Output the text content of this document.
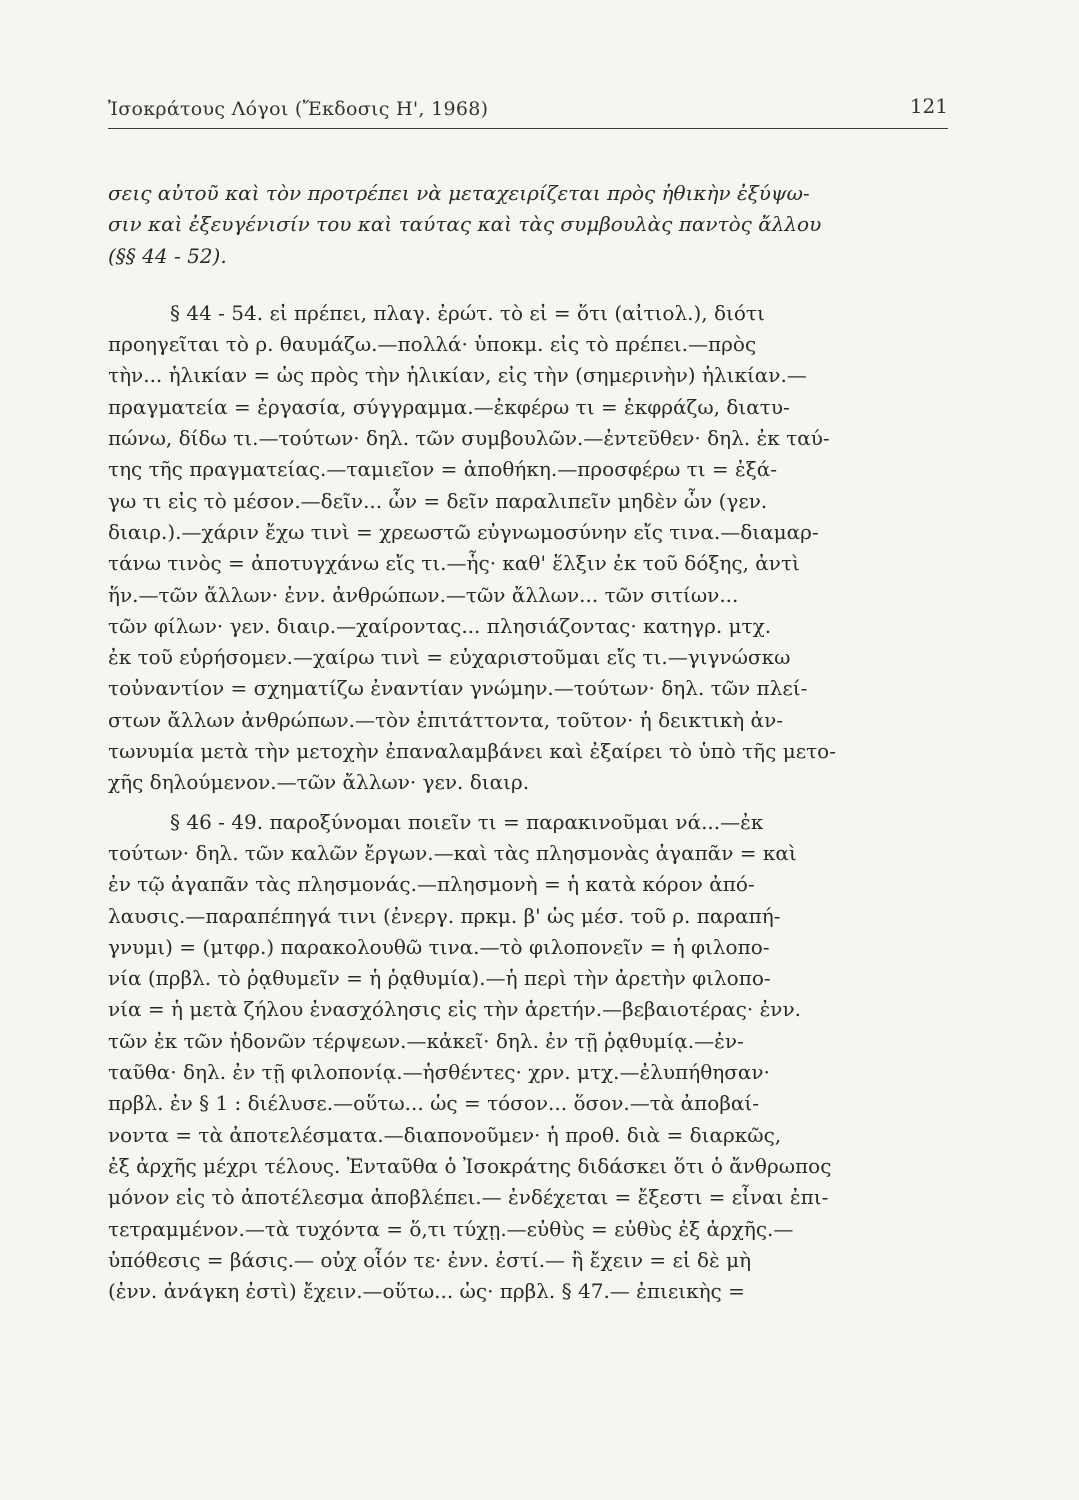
Ἰσοκράτους Λόγοι (Ἔκδοσις Η', 1968)	121
σεις αὐτοῦ καὶ τὸν προτρέπει νὰ μεταχειρίζεται πρὸς ἠθικὴν ἐξύψω-
σιν καὶ ἐξευγένισίν του καὶ ταύτας καὶ τὰς συμβουλὰς παντὸς ἄλλου
(§§ 44 - 52).
§ 44 - 54. εἰ πρέπει, πλαγ. ἐρώτ. τὸ εἰ = ὅτι (αἰτιολ.), διότι
προηγεῖται τὸ ρ. θαυμάζω.—πολλά· ὑποκμ. εἰς τὸ πρέπει.—πρὸς
τὴν... ἡλικίαν = ὡς πρὸς τὴν ἡλικίαν, εἰς τὴν (σημερινὴν) ἡλικίαν.—
πραγματεία = ἐργασία, σύγγραμμα.—ἐκφέρω τι = ἐκφράζω, διατυ-
πώνω, δίδω τι.—τούτων· δηλ. τῶν συμβουλῶν.—ἐντεῦθεν· δηλ. ἐκ ταύ-
της τῆς πραγματείας.—ταμιεῖον = ἀποθήκη.—προσφέρω τι = ἐξά-
γω τι εἰς τὸ μέσον.—δεῖν... ὧν = δεῖν παραλιπεῖν μηδὲν ὧν (γεν.
διαιρ.).—χάριν ἔχω τινὶ = χρεωστῶ εὐγνωμοσύνην εἴς τινα.—διαμαρ-
τάνω τινὸς = ἀποτυγχάνω εἴς τι.—ἧς· καθ' ἕλξιν ἐκ τοῦ δόξης, ἀντὶ
ἥν.—τῶν ἄλλων· ἐνν. ἀνθρώπων.—τῶν ἄλλων... τῶν σιτίων...
τῶν φίλων· γεν. διαιρ.—χαίροντας... πλησιάζοντας· κατηγρ. μτχ.
ἐκ τοῦ εὑρήσομεν.—χαίρω τινὶ = εὐχαριστοῦμαι εἴς τι.—γιγνώσκω
τοὐναντίον = σχηματίζω ἐναντίαν γνώμην.—τούτων· δηλ. τῶν πλεί-
στων ἄλλων ἀνθρώπων.—τὸν ἐπιτάττοντα, τοῦτον· ἡ δεικτικὴ ἀν-
τωνυμία μετὰ τὴν μετοχὴν ἐπαναλαμβάνει καὶ ἐξαίρει τὸ ὑπὸ τῆς μετο-
χῆς δηλούμενον.—τῶν ἄλλων· γεν. διαιρ.
§ 46 - 49. παροξύνομαι ποιεῖν τι = παρακινοῦμαι νά...—ἐκ
τούτων· δηλ. τῶν καλῶν ἔργων.—καὶ τὰς πλησμονὰς ἀγαπᾶν = καὶ
ἐν τῷ ἀγαπᾶν τὰς πλησμονάς.—πλησμονὴ = ἡ κατὰ κόρον ἀπό-
λαυσις.—παραπέπηγά τινι (ἐνεργ. πρκμ. β' ὡς μέσ. τοῦ ρ. παραπή-
γνυμι) = (μτφρ.) παρακολουθῶ τινα.—τὸ φιλοπονεῖν = ἡ φιλοπο-
νία (πρβλ. τὸ ῥᾳθυμεῖν = ἡ ῥᾳθυμία).—ἡ περὶ τὴν ἀρετὴν φιλοπο-
νία = ἡ μετὰ ζήλου ἐνασχόλησις εἰς τὴν ἀρετήν.—βεβαιοτέρας· ἐνν.
τῶν ἐκ τῶν ἡδονῶν τέρψεων.—κἀκεῖ· δηλ. ἐν τῇ ῥᾳθυμίᾳ.—ἐν-
ταῦθα· δηλ. ἐν τῇ φιλοπονίᾳ.—ἡσθέντες· χρν. μτχ.—ἐλυπήθησαν·
πρβλ. ἐν § 1 : διέλυσε.—οὕτω... ὡς = τόσον... ὅσον.—τὰ ἀποβαί-
νοντα = τὰ ἀποτελέσματα.—διαπονοῦμεν· ἡ προθ. διὰ = διαρκῶς,
ἐξ ἀρχῆς μέχρι τέλους. Ἐνταῦθα ὁ Ἰσοκράτης διδάσκει ὅτι ὁ ἄνθρωπος
μόνον εἰς τὸ ἀποτέλεσμα ἀποβλέπει.— ἐνδέχεται = ἔξεστι = εἶναι ἐπι-
τετραμμένον.—τὰ τυχόντα = ὅ,τι τύχῃ.—εὐθὺς = εὐθὺς ἐξ ἀρχῆς.—
ὑπόθεσις = βάσις.— οὐχ οἷόν τε· ἐνν. ἐστί.— ἢ ἔχειν = εἰ δὲ μὴ
(ἐνν. ἀνάγκη ἐστὶ) ἔχειν.—οὕτω... ὡς· πρβλ. § 47.— ἐπιεικὴς =
